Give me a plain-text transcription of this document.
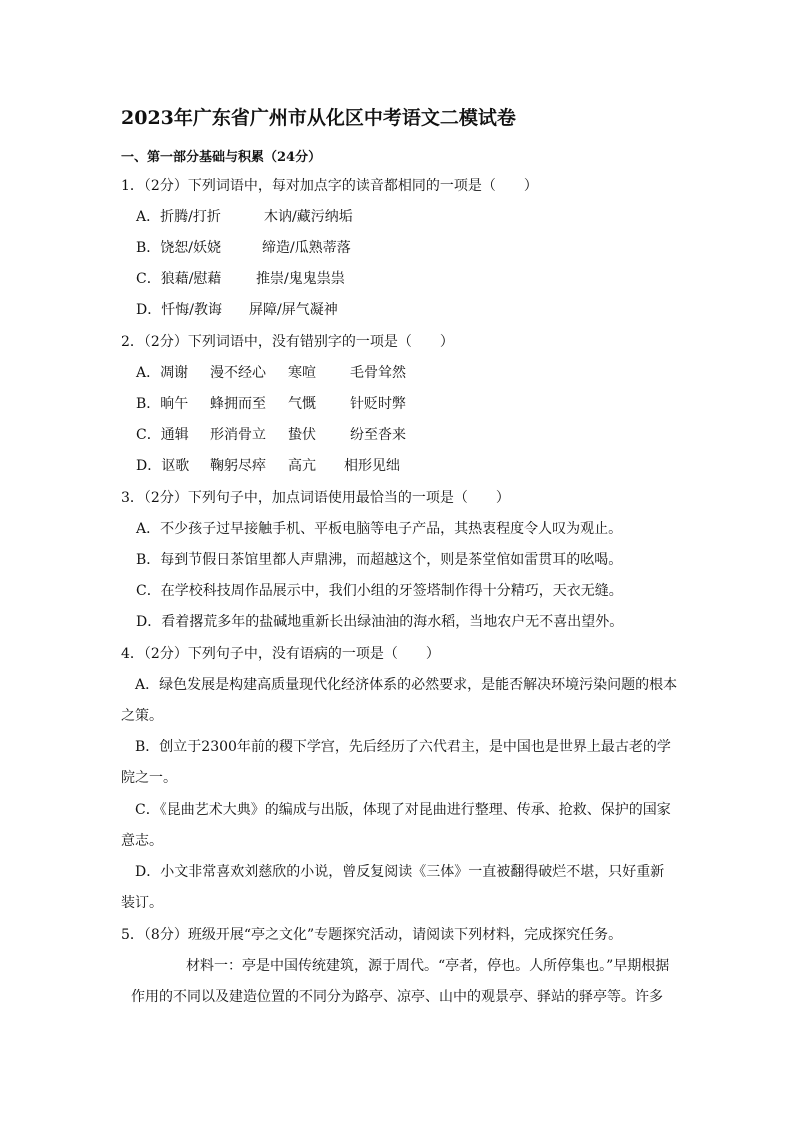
2023年广东省广州市从化区中考语文二模试卷
一、第一部分基础与积累（24分）
1．（2分）下列词语中，每对加点字的读音都相同的一项是（　　）
A．折腾/打折	木讷/藏污纳垢
B．饶恕/妖娆	缔造/瓜熟蒂落
C．狼藉/慰藉 推崇/鬼鬼祟祟
D．忏悔/教诲 屏障/屏气凝神
2．（2分）下列词语中，没有错别字的一项是（　　）
A．凋谢 漫不经心 寒喧 毛骨耸然
B．晌午 蜂拥而至 气慨 针贬时弊
C．通辑 形消骨立 蛰伏 纷至沓来
D．讴歌 鞠躬尽瘁 高亢 相形见绌
3．（2分）下列句子中，加点词语使用最恰当的一项是（　　）
A．不少孩子过早接触手机、平板电脑等电子产品，其热衷程度令人叹为观止。
B．每到节假日茶馆里都人声鼎沸，而超越这个，则是茶堂倌如雷贯耳的吆喝。
C．在学校科技周作品展示中，我们小组的牙签塔制作得十分精巧，天衣无缝。
D．看着撂荒多年的盐碱地重新长出绿油油的海水稻，当地农户无不喜出望外。
4．（2分）下列句子中，没有语病的一项是（　　）
A．绿色发展是构建高质量现代化经济体系的必然要求，是能否解决环境污染问题的根本
之策。
B．创立于2300年前的稷下学宫，先后经历了六代君主，是中国也是世界上最古老的学
院之一。
C．《昆曲艺术大典》的编成与出版，体现了对昆曲进行整理、传承、抢救、保护的国家
意志。
D．小文非常喜欢刘慈欣的小说，曾反复阅读《三体》一直被翻得破烂不堪，只好重新
装订。
5．（8分）班级开展“亭之文化”专题探究活动，请阅读下列材料，完成探究任务。
材料一：亭是中国传统建筑，源于周代。“亭者，停也。人所停集也。”早期根据
作用的不同以及建造位置的不同分为路亭、凉亭、山中的观景亭、驿站的驿亭等。许多
